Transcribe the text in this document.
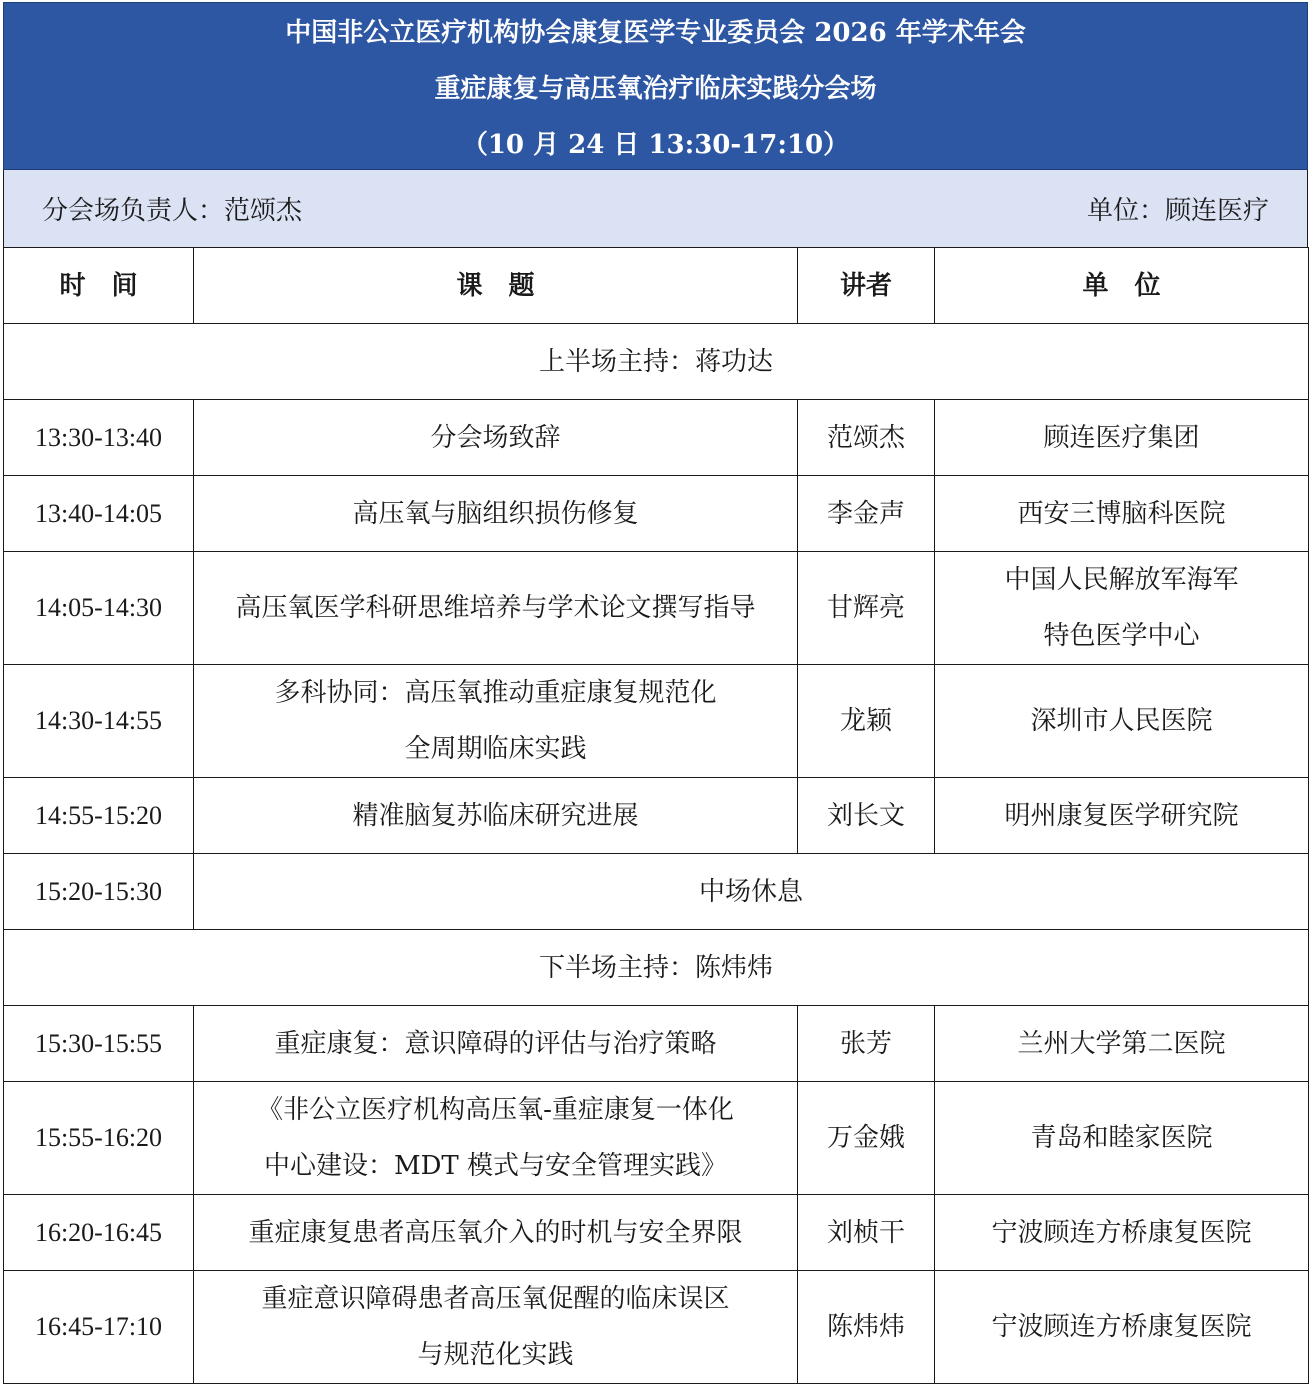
中国非公立医疗机构协会康复医学专业委员会 2026 年学术年会
重症康复与高压氧治疗临床实践分会场
（10 月 24 日 13:30-17:10）
分会场负责人：范颂杰	单位：顾连医疗
时　间	课　题	讲者	单　位
上半场主持：蒋功达			
13:30-13:40	分会场致辞	范颂杰	顾连医疗集团

13:40-14:05	高压氧与脑组织损伤修复	李金声	西安三博脑科医院

14:05-14:30	高压氧医学科研思维培养与学术论文撰写指导	甘辉亮	中国人民解放军海军
特色医学中心

14:30-14:55	多科协同：高压氧推动重症康复规范化
全周期临床实践	龙颖	深圳市人民医院

14:55-15:20	精准脑复苏临床研究进展	刘长文	明州康复医学研究院

15:20-15:30	中场休息		
下半场主持：陈炜炜			
15:30-15:55	重症康复：意识障碍的评估与治疗策略	张芳	兰州大学第二医院

15:55-16:20	《非公立医疗机构高压氧-重症康复一体化
中心建设：MDT 模式与安全管理实践》	万金娥	青岛和睦家医院

16:20-16:45	重症康复患者高压氧介入的时机与安全界限	刘桢干	宁波顾连方桥康复医院

16:45-17:10	重症意识障碍患者高压氧促醒的临床误区
与规范化实践	陈炜炜	宁波顾连方桥康复医院
